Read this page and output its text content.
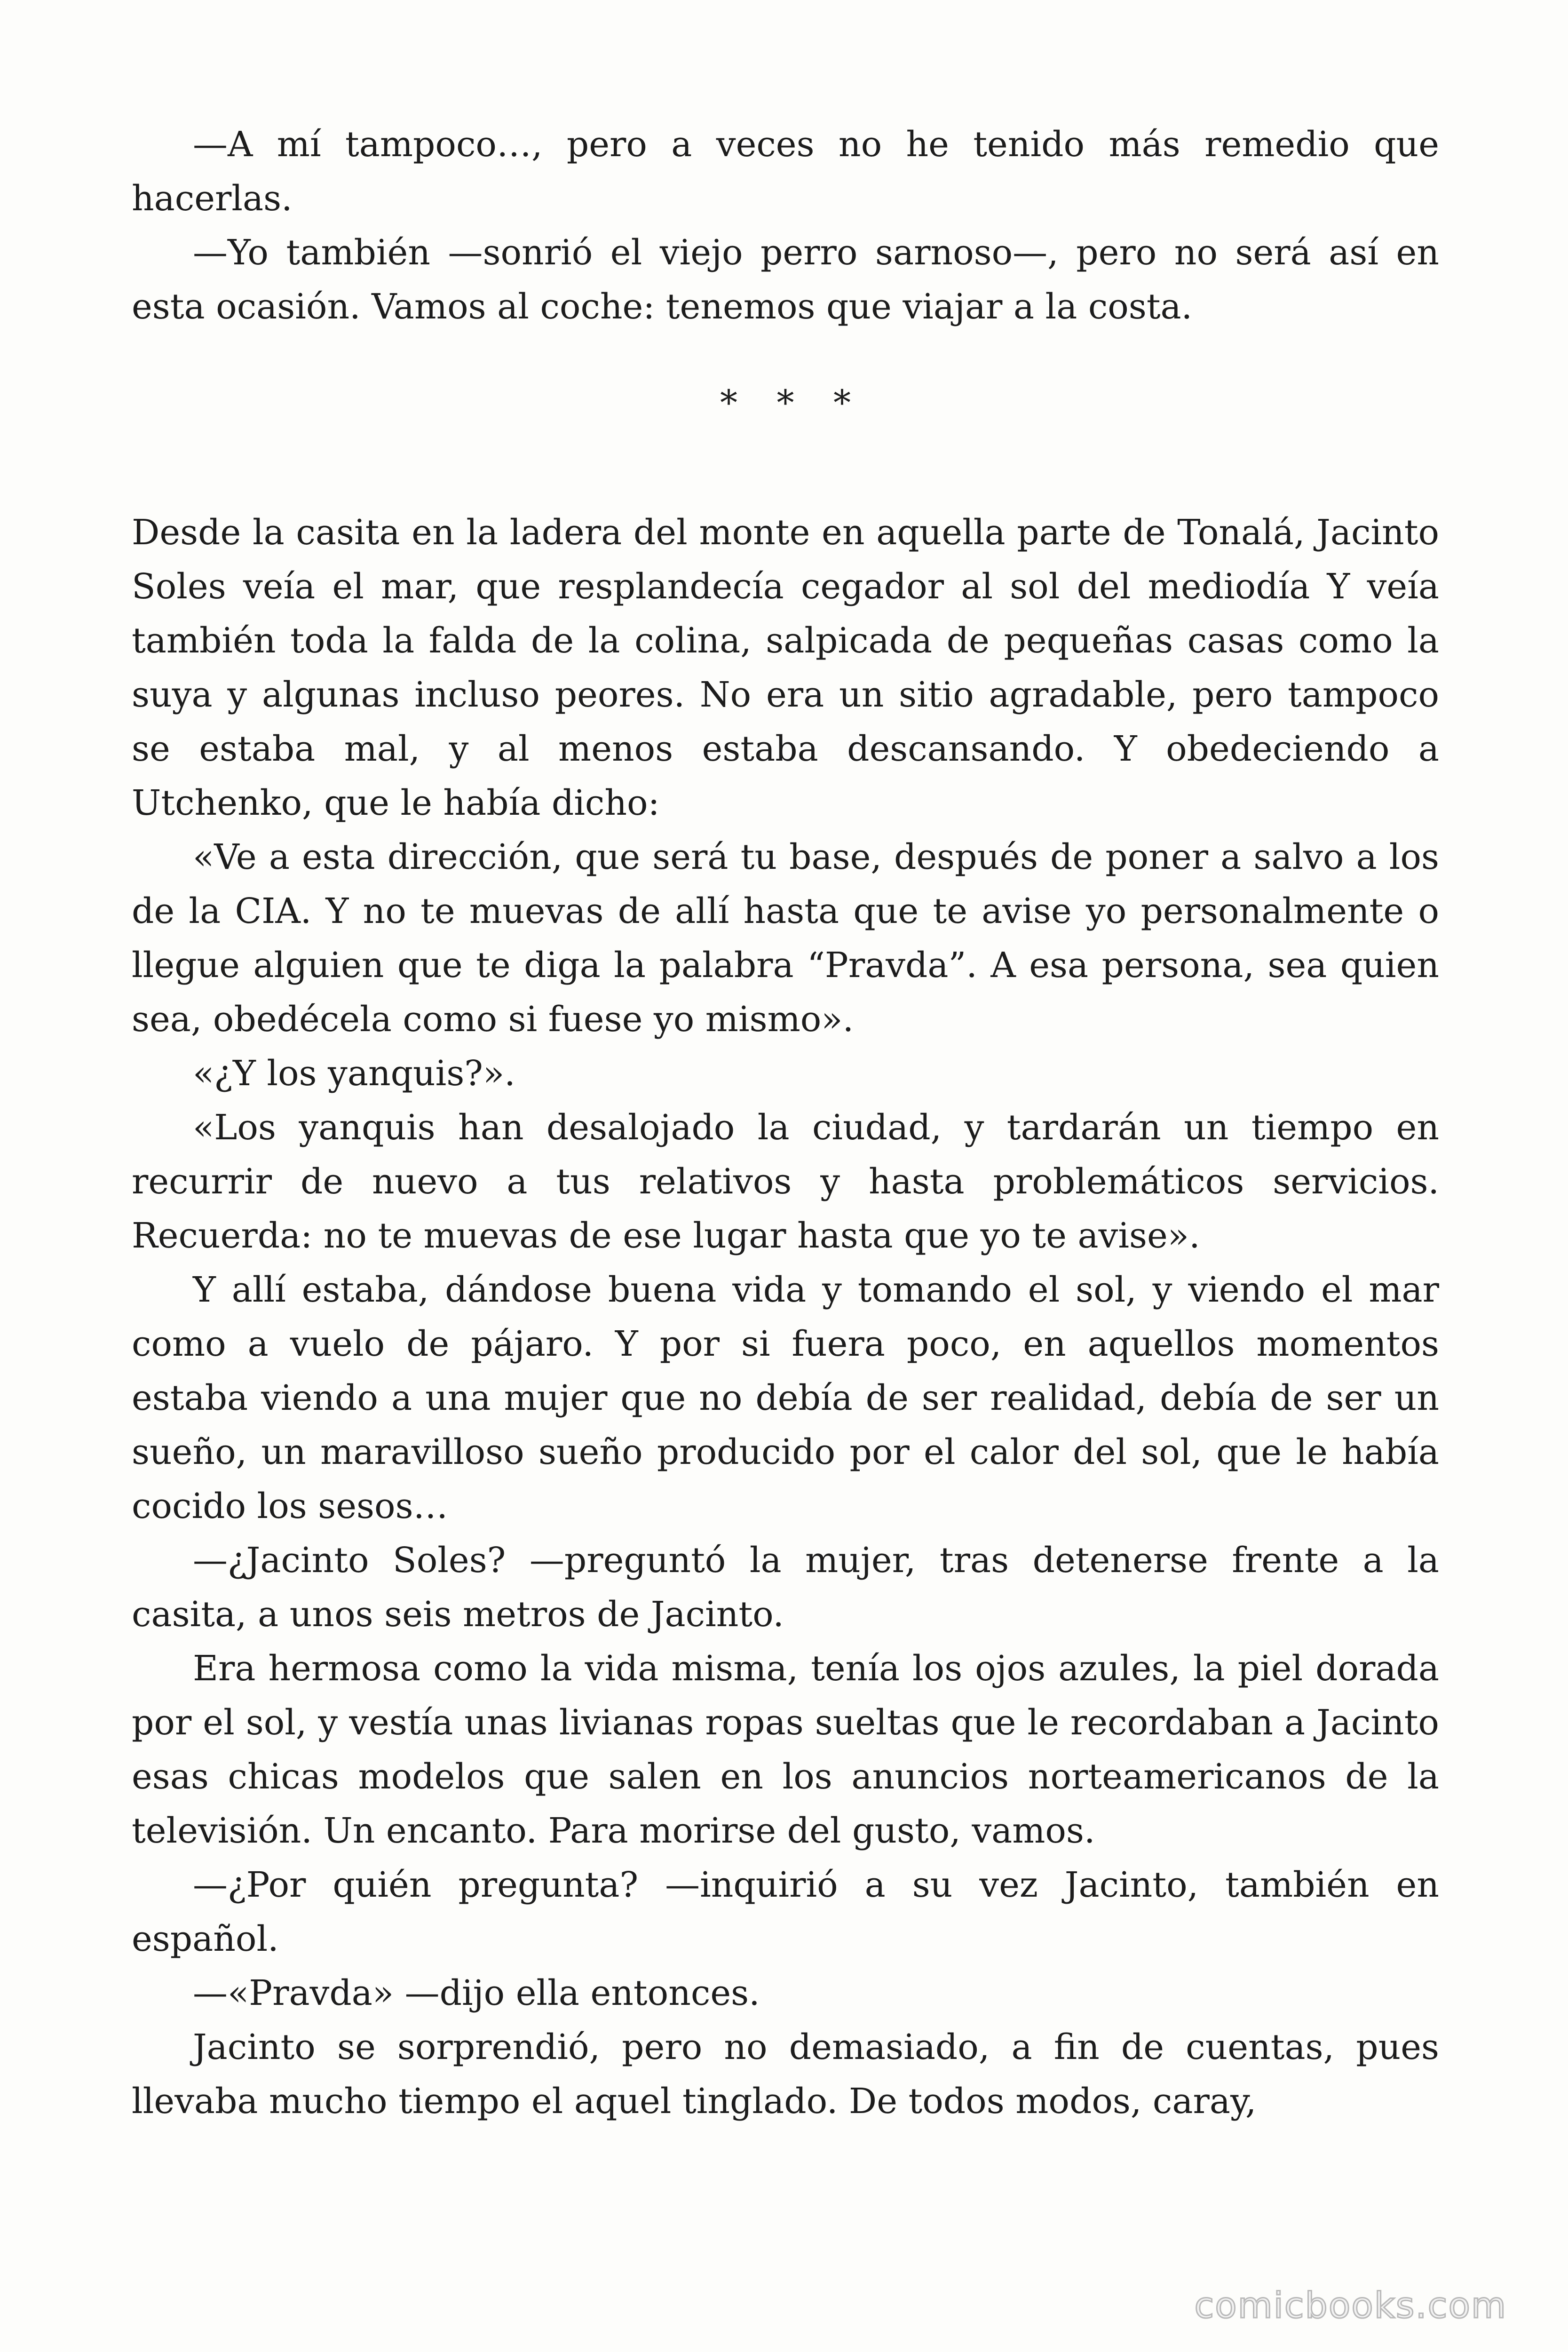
—A mí tampoco…, pero a veces no he tenido más remedio que hacerlas.

—Yo también —sonrió el viejo perro sarnoso—, pero no será así en esta ocasión. Vamos al coche: tenemos que viajar a la costa.

* * *

Desde la casita en la ladera del monte en aquella parte de Tonalá, Jacinto Soles veía el mar, que resplandecía cegador al sol del mediodía Y veía también toda la falda de la colina, salpicada de pequeñas casas como la suya y algunas incluso peores. No era un sitio agradable, pero tampoco se estaba mal, y al menos estaba descansando. Y obedeciendo a Utchenko, que le había dicho:

«Ve a esta dirección, que será tu base, después de poner a salvo a los de la CIA. Y no te muevas de allí hasta que te avise yo personalmente o llegue alguien que te diga la palabra “Pravda”. A esa persona, sea quien sea, obedécela como si fuese yo mismo».

«¿Y los yanquis?».

«Los yanquis han desalojado la ciudad, y tardarán un tiempo en recurrir de nuevo a tus relativos y hasta problemáticos servicios. Recuerda: no te muevas de ese lugar hasta que yo te avise».

Y allí estaba, dándose buena vida y tomando el sol, y viendo el mar como a vuelo de pájaro. Y por si fuera poco, en aquellos momentos estaba viendo a una mujer que no debía de ser realidad, debía de ser un sueño, un maravilloso sueño producido por el calor del sol, que le había cocido los sesos…

—¿Jacinto Soles? —preguntó la mujer, tras detenerse frente a la casita, a unos seis metros de Jacinto.

Era hermosa como la vida misma, tenía los ojos azules, la piel dorada por el sol, y vestía unas livianas ropas sueltas que le recordaban a Jacinto esas chicas modelos que salen en los anuncios norteamericanos de la televisión. Un encanto. Para morirse del gusto, vamos.

—¿Por quién pregunta? —inquirió a su vez Jacinto, también en español.

—«Pravda» —dijo ella entonces.

Jacinto se sorprendió, pero no demasiado, a fin de cuentas, pues llevaba mucho tiempo el aquel tinglado. De todos modos, caray,

comicbooks.com
